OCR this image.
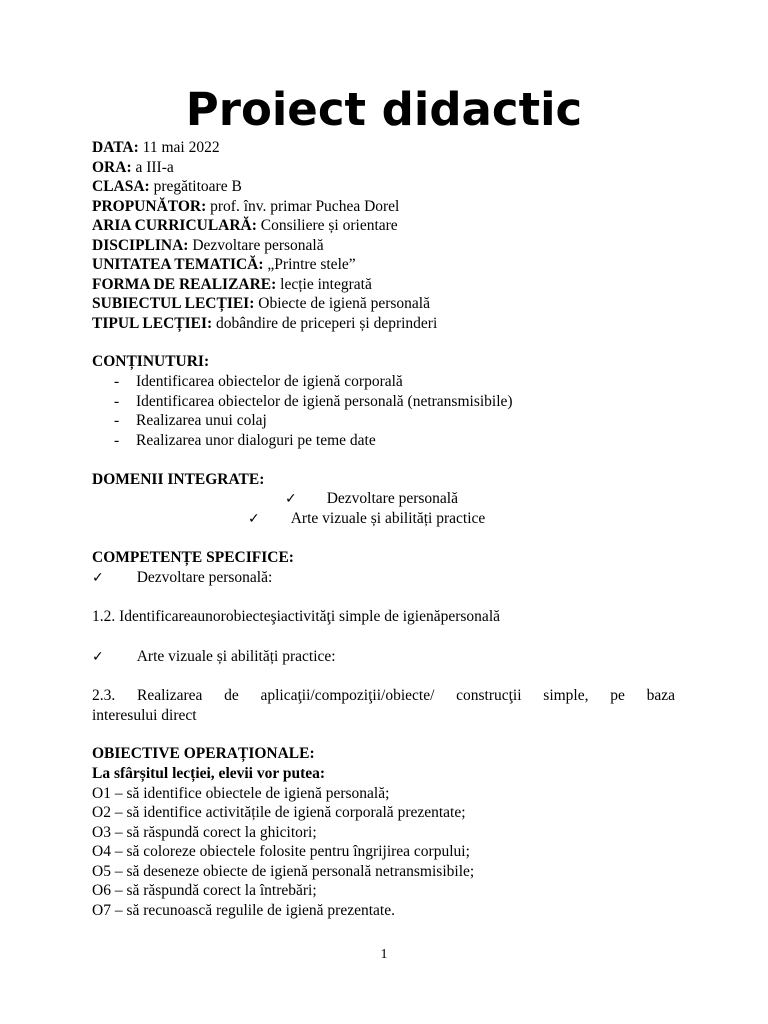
Proiect didactic
DATA: 11 mai 2022
ORA: a III-a
CLASA: pregătitoare B
PROPUNĂTOR: prof. înv. primar Puchea Dorel
ARIA CURRICULARĂ: Consiliere și orientare
DISCIPLINA: Dezvoltare personală
UNITATEA TEMATICĂ: „Printre stele”
FORMA DE REALIZARE: lecție integrată
SUBIECTUL LECȚIEI: Obiecte de igienă personală
TIPUL LECȚIEI: dobândire de priceperi și deprinderi
CONȚINUTURI:
- Identificarea obiectelor de igienă corporală
- Identificarea obiectelor de igienă personală (netransmisibile)
- Realizarea unui colaj
- Realizarea unor dialoguri pe teme date
DOMENII INTEGRATE:
✓ Dezvoltare personală
✓ Arte vizuale și abilități practice
COMPETENȚE SPECIFICE:
✓ Dezvoltare personală:
1.2. Identificareaunorobiecteşiactivităţi simple de igienăpersonală
✓ Arte vizuale și abilități practice:
2.3. Realizarea de aplicaţii/compoziţii/obiecte/ construcţii simple, pe baza
interesului direct
OBIECTIVE OPERAȚIONALE:
La sfârșitul lecției, elevii vor putea:
O1 – să identifice obiectele de igienă personală;
O2 – să identifice activitățile de igienă corporală prezentate;
O3 – să răspundă corect la ghicitori;
O4 – să coloreze obiectele folosite pentru îngrijirea corpului;
O5 – să deseneze obiecte de igienă personală netransmisibile;
O6 – să răspundă corect la întrebări;
O7 – să recunoască regulile de igienă prezentate.
1
